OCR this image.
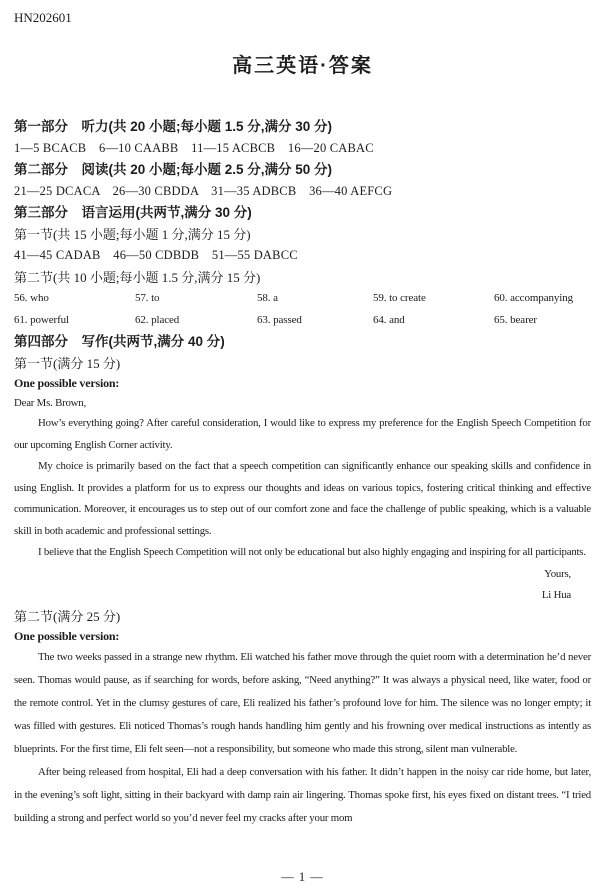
HN202601
高三英语·答案
第一部分　听力(共 20 小题;每小题 1.5 分,满分 30 分)
1—5 BCACB　6—10 CAABB　11—15 ACBCB　16—20 CABAC
第二部分　阅读(共 20 小题;每小题 2.5 分,满分 50 分)
21—25 DCACA　26—30 CBDDA　31—35 ADBCB　36—40 AEFCG
第三部分　语言运用(共两节,满分 30 分)
第一节(共 15 小题;每小题 1 分,满分 15 分)
41—45 CADAB　46—50 CDBDB　51—55 DABCC
第二节(共 10 小题;每小题 1.5 分,满分 15 分)
56. who	57. to	58. a	59. to create	60. accompanying
61. powerful	62. placed	63. passed	64. and	65. bearer
第四部分　写作(共两节,满分 40 分)
第一节(满分 15 分)
One possible version:
Dear Ms. Brown,

How’s everything going? After careful consideration, I would like to express my preference for the English Speech Competition for our upcoming English Corner activity.

My choice is primarily based on the fact that a speech competition can significantly enhance our speaking skills and confidence in using English. It provides a platform for us to express our thoughts and ideas on various topics, fostering critical thinking and effective communication. Moreover, it encourages us to step out of our comfort zone and face the challenge of public speaking, which is a valuable skill in both academic and professional settings.

I believe that the English Speech Competition will not only be educational but also highly engaging and inspiring for all participants.

Yours,
Li Hua
第二节(满分 25 分)
One possible version:

The two weeks passed in a strange new rhythm. Eli watched his father move through the quiet room with a determination he’d never seen. Thomas would pause, as if searching for words, before asking, “Need anything?” It was always a physical need, like water, food or the remote control. Yet in the clumsy gestures of care, Eli realized his father’s profound love for him. The silence was no longer empty; it was filled with gestures. Eli noticed Thomas’s rough hands handling him gently and his frowning over medical instructions as intently as blueprints. For the first time, Eli felt seen—not a responsibility, but someone who made this strong, silent man vulnerable.

After being released from hospital, Eli had a deep conversation with his father. It didn’t happen in the noisy car ride home, but later, in the evening’s soft light, sitting in their backyard with damp rain air lingering. Thomas spoke first, his eyes fixed on distant trees. “I tried building a strong and perfect world so you’d never feel my cracks after your mom

— 1 —
